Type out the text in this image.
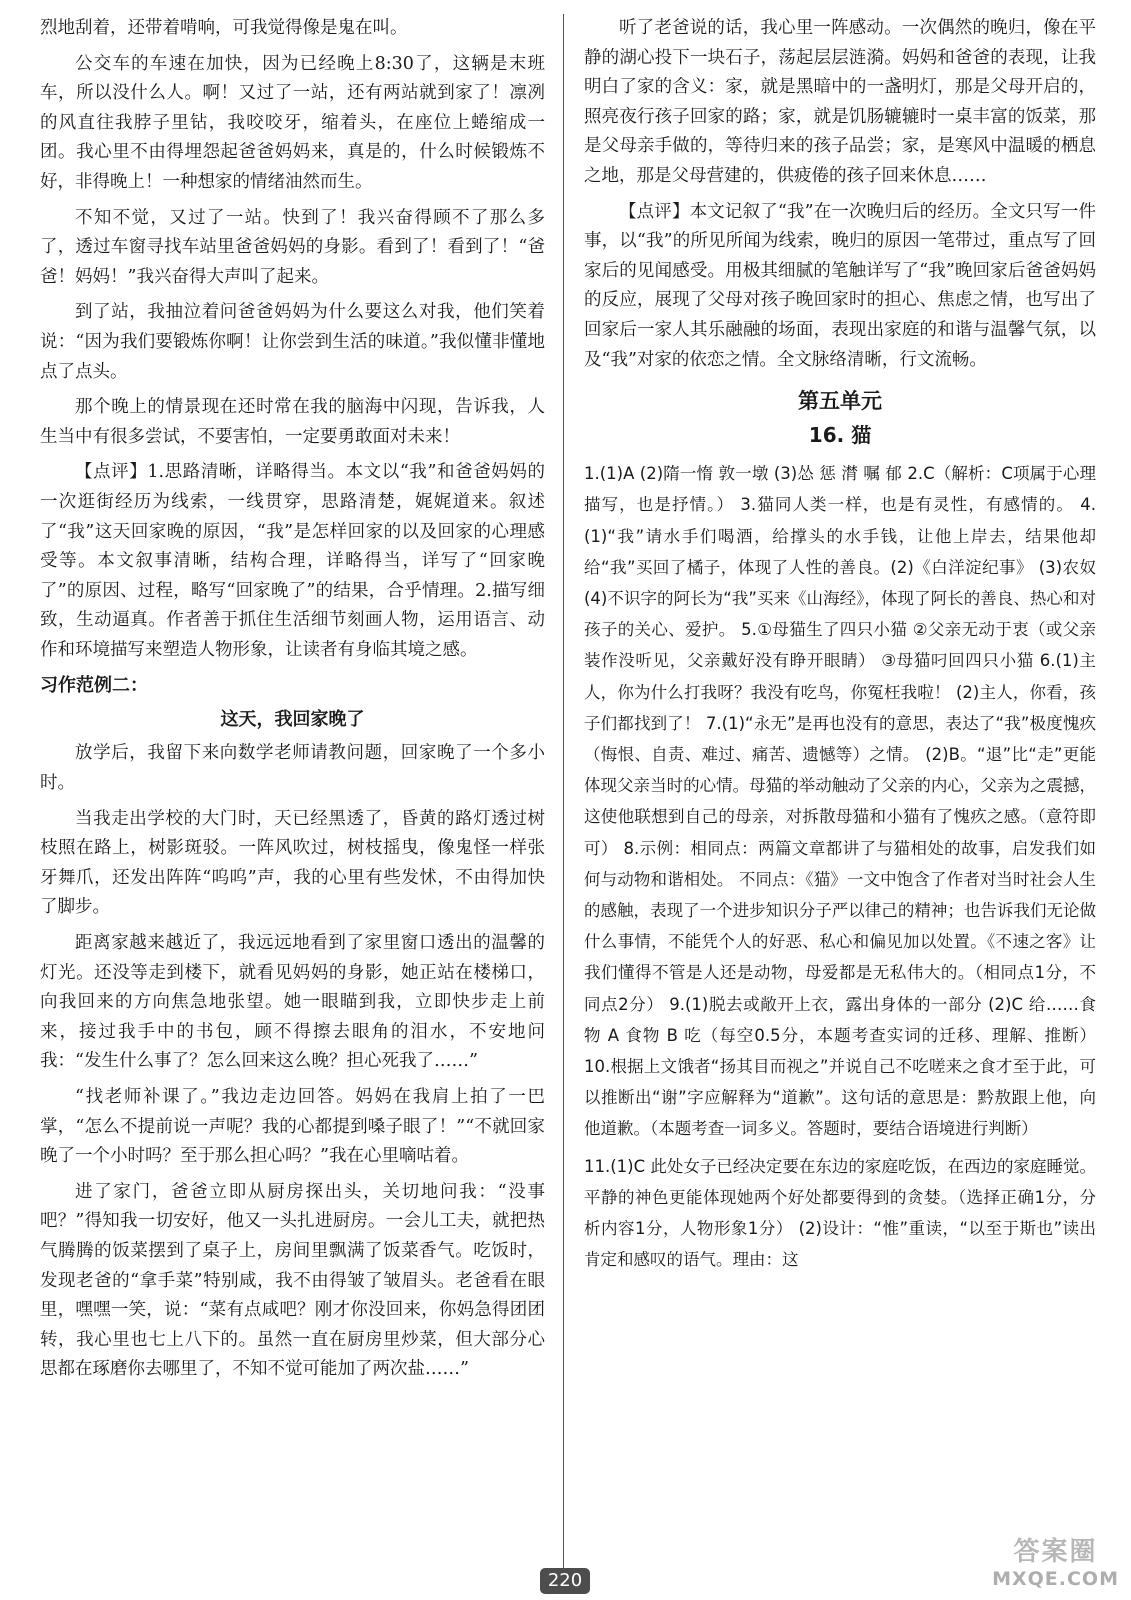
烈地刮着，还带着啃响，可我觉得像是鬼在叫。

公交车的车速在加快，因为已经晚上8:30了，这辆是末班车，所以没什么人。啊！又过了一站，还有两站就到家了！凛冽的风直往我脖子里钻，我咬咬牙，缩着头，在座位上蜷缩成一团。我心里不由得埋怨起爸爸妈妈来，真是的，什么时候锻炼不好，非得晚上！一种想家的情绪油然而生。

不知不觉，又过了一站。快到了！我兴奋得顾不了那么多了，透过车窗寻找车站里爸爸妈妈的身影。看到了！看到了！“爸爸！妈妈！”我兴奋得大声叫了起来。

到了站，我抽泣着问爸爸妈妈为什么要这么对我，他们笑着说：“因为我们要锻炼你啊！让你尝到生活的味道。”我似懂非懂地点了点头。

那个晚上的情景现在还时常在我的脑海中闪现，告诉我，人生当中有很多尝试，不要害怕，一定要勇敢面对未来！

【点评】1.思路清晰，详略得当。本文以“我”和爸爸妈妈的一次逛街经历为线索，一线贯穿，思路清楚，娓娓道来。叙述了“我”这天回家晚的原因，“我”是怎样回家的以及回家的心理感受等。本文叙事清晰，结构合理，详略得当，详写了“回家晚了”的原因、过程，略写“回家晚了”的结果，合乎情理。2.描写细致，生动逼真。作者善于抓住生活细节刻画人物，运用语言、动作和环境描写来塑造人物形象，让读者有身临其境之感。

习作范例二：
这天，我回家晚了

放学后，我留下来向数学老师请教问题，回家晚了一个多小时。

当我走出学校的大门时，天已经黑透了，昏黄的路灯透过树枝照在路上，树影斑驳。一阵风吹过，树枝摇曳，像鬼怪一样张牙舞爪，还发出阵阵“呜呜”声，我的心里有些发怵，不由得加快了脚步。

距离家越来越近了，我远远地看到了家里窗口透出的温馨的灯光。还没等走到楼下，就看见妈妈的身影，她正站在楼梯口，向我回来的方向焦急地张望。她一眼瞄到我，立即快步走上前来，接过我手中的书包，顾不得擦去眼角的泪水，不安地问我：“发生什么事了？怎么回来这么晚？担心死我了……”

“找老师补课了。”我边走边回答。妈妈在我肩上拍了一巴掌，“怎么不提前说一声呢？我的心都提到嗓子眼了！”“不就回家晚了一个小时吗？至于那么担心吗？”我在心里嘀咕着。

进了家门，爸爸立即从厨房探出头，关切地问我：“没事吧？”得知我一切安好，他又一头扎进厨房。一会儿工夫，就把热气腾腾的饭菜摆到了桌子上，房间里飘满了饭菜香气。吃饭时，发现老爸的“拿手菜”特别咸，我不由得皱了皱眉头。老爸看在眼里，嘿嘿一笑，说：“菜有点咸吧？刚才你没回来，你妈急得团团转，我心里也七上八下的。虽然一直在厨房里炒菜，但大部分心思都在琢磨你去哪里了，不知不觉可能加了两次盐……”

听了老爸说的话，我心里一阵感动。一次偶然的晚归，像在平静的湖心投下一块石子，荡起层层涟漪。妈妈和爸爸的表现，让我明白了家的含义：家，就是黑暗中的一盏明灯，那是父母开启的，照亮夜行孩子回家的路；家，就是饥肠辘辘时一桌丰富的饭菜，那是父母亲手做的，等待归来的孩子品尝；家，是寒风中温暖的栖息之地，那是父母营建的，供疲倦的孩子回来休息……

【点评】本文记叙了“我”在一次晚归后的经历。全文只写一件事，以“我”的所见所闻为线索，晚归的原因一笔带过，重点写了回家后的见闻感受。用极其细腻的笔触详写了“我”晚回家后爸爸妈妈的反应，展现了父母对孩子晚回家时的担心、焦虑之情，也写出了回家后一家人其乐融融的场面，表现出家庭的和谐与温馨气氛，以及“我”对家的依恋之情。全文脉络清晰，行文流畅。

第五单元
16. 猫

1.(1)A (2)隋一惰 敦一墩 (3)怂 惩 潸 嘱 郁 2.C（解析：C项属于心理描写，也是抒情。） 3.猫同人类一样，也是有灵性，有感情的。 4.(1)“我”请水手们喝酒，给撑头的水手钱，让他上岸去，结果他却给“我”买回了橘子，体现了人性的善良。(2)《白洋淀纪事》 (3)农奴 (4)不识字的阿长为“我”买来《山海经》，体现了阿长的善良、热心和对孩子的关心、爱护。 5.①母猫生了四只小猫 ②父亲无动于衷（或父亲装作没听见，父亲戴好没有睁开眼睛） ③母猫叼回四只小猫 6.(1)主人，你为什么打我呀？我没有吃鸟，你冤枉我啦！ (2)主人，你看，孩子们都找到了！ 7.(1)“永无”是再也没有的意思，表达了“我”极度愧疚（悔恨、自责、难过、痛苦、遗憾等）之情。 (2)B。“退”比“走”更能体现父亲当时的心情。母猫的举动触动了父亲的内心，父亲为之震撼，这使他联想到自己的母亲，对拆散母猫和小猫有了愧疚之感。（意符即可） 8.示例：相同点：两篇文章都讲了与猫相处的故事，启发我们如何与动物和谐相处。 不同点：《猫》一文中饱含了作者对当时社会人生的感触，表现了一个进步知识分子严以律己的精神；也告诉我们无论做什么事情，不能凭个人的好恶、私心和偏见加以处置。《不速之客》让我们懂得不管是人还是动物，母爱都是无私伟大的。（相同点1分，不同点2分） 9.(1)脱去或敞开上衣，露出身体的一部分 (2)C 给……食物 A 食物 B 吃（每空0.5分，本题考查实词的迁移、理解、推断） 10.根据上文饿者“扬其目而视之”并说自己不吃嗟来之食才至于此，可以推断出“谢”字应解释为“道歉”。这句话的意思是：黔敖跟上他，向他道歉。（本题考查一词多义。答题时，要结合语境进行判断）

11.(1)C 此处女子已经决定要在东边的家庭吃饭，在西边的家庭睡觉。平静的神色更能体现她两个好处都要得到的贪婪。（选择正确1分，分析内容1分，人物形象1分） (2)设计：“惟”重读，“以至于斯也”读出肯定和感叹的语气。理由：这

220
答案圈
MXQE.COM
